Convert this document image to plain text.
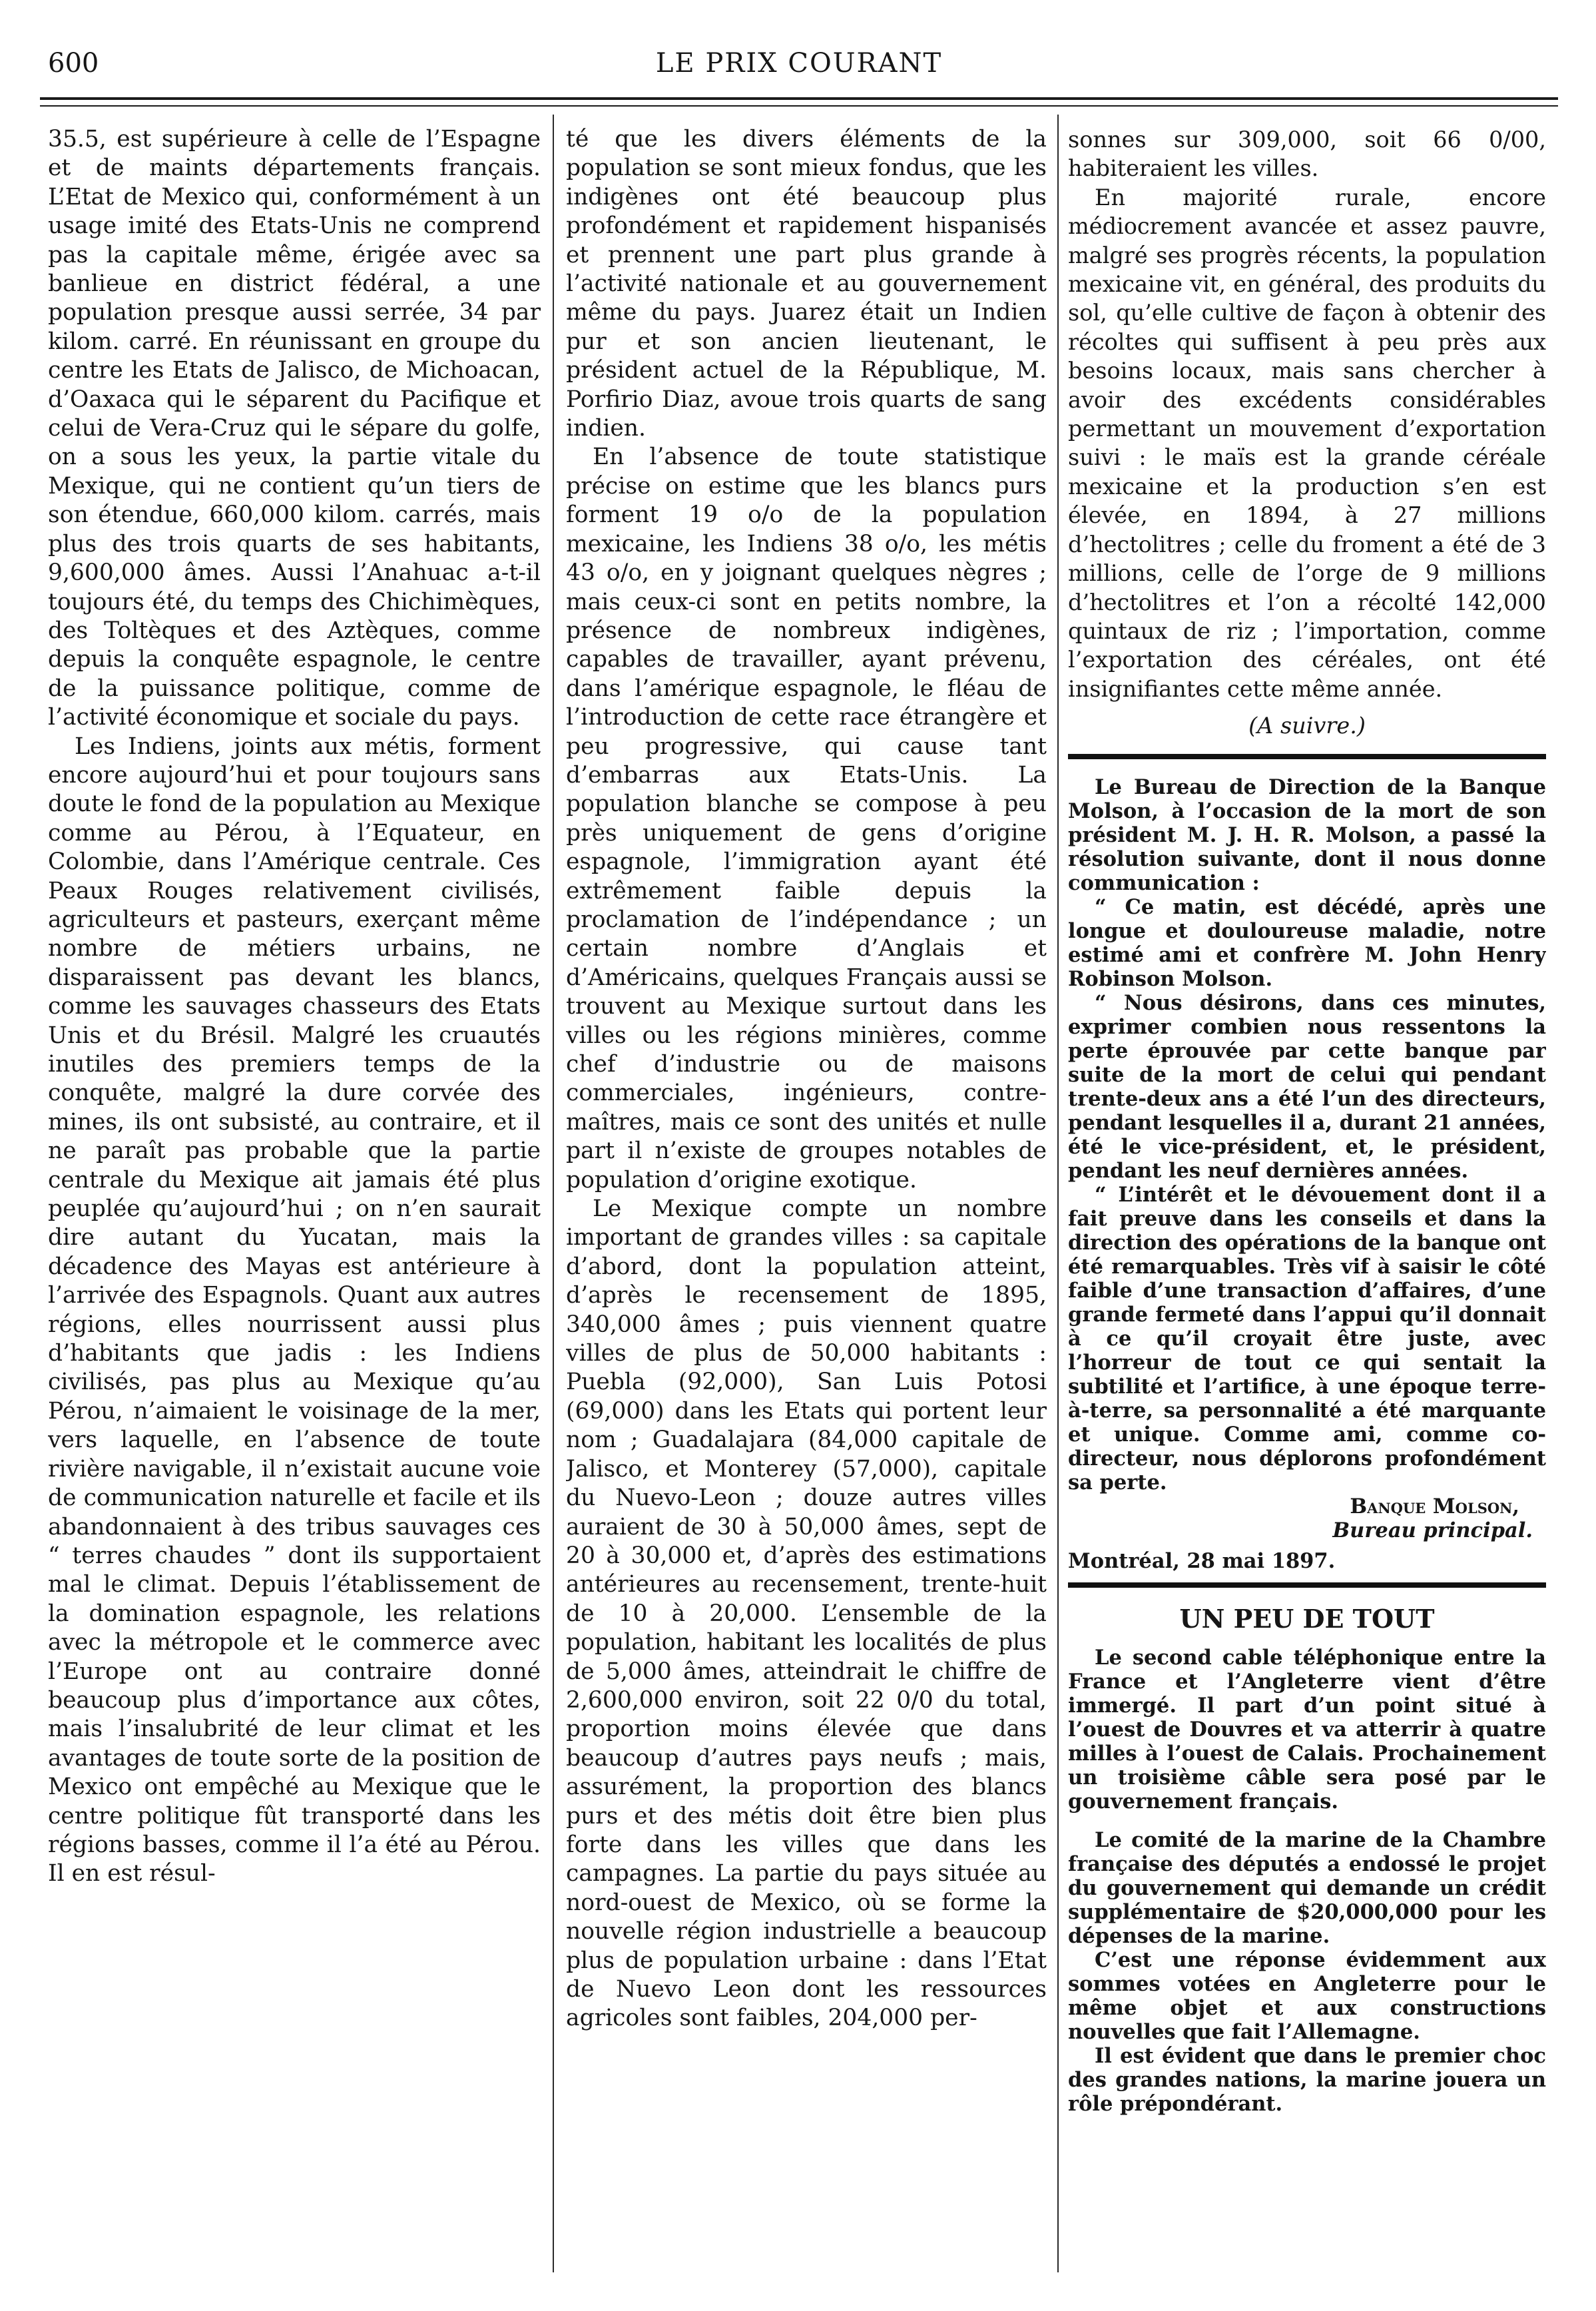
600	LE PRIX COURANT

35.5, est supérieure à celle de l’Espagne et de maints départements français. L’Etat de Mexico qui, conformément à un usage imité des Etats-Unis ne comprend pas la capitale même, érigée avec sa banlieue en district fédéral, a une population presque aussi serrée, 34 par kilom. carré. En réunissant en groupe du centre les Etats de Jalisco, de Michoacan, d’Oaxaca qui le séparent du Pacifique et celui de Vera-Cruz qui le sépare du golfe, on a sous les yeux, la partie vitale du Mexique, qui ne contient qu’un tiers de son étendue, 660,000 kilom. carrés, mais plus des trois quarts de ses habitants, 9,600,000 âmes. Aussi l’Anahuac a-t-il toujours été, du temps des Chichimèques, des Toltèques et des Aztèques, comme depuis la conquête espagnole, le centre de la puissance politique, comme de l’activité économique et sociale du pays.

Les Indiens, joints aux métis, forment encore aujourd’hui et pour toujours sans doute le fond de la population au Mexique comme au Pérou, à l’Equateur, en Colombie, dans l’Amérique centrale. Ces Peaux Rouges relativement civilisés, agriculteurs et pasteurs, exerçant même nombre de métiers urbains, ne disparaissent pas devant les blancs, comme les sauvages chasseurs des Etats Unis et du Brésil. Malgré les cruautés inutiles des premiers temps de la conquête, malgré la dure corvée des mines, ils ont subsisté, au contraire, et il ne paraît pas probable que la partie centrale du Mexique ait jamais été plus peuplée qu’aujourd’hui ; on n’en saurait dire autant du Yucatan, mais la décadence des Mayas est antérieure à l’arrivée des Espagnols. Quant aux autres régions, elles nourrissent aussi plus d’habitants que jadis : les Indiens civilisés, pas plus au Mexique qu’au Pérou, n’aimaient le voisinage de la mer, vers laquelle, en l’absence de toute rivière navigable, il n’existait aucune voie de communication naturelle et facile et ils abandonnaient à des tribus sauvages ces “ terres chaudes ” dont ils supportaient mal le climat. Depuis l’établissement de la domination espagnole, les relations avec la métropole et le commerce avec l’Europe ont au contraire donné beaucoup plus d’importance aux côtes, mais l’insalubrité de leur climat et les avantages de toute sorte de la position de Mexico ont empêché au Mexique que le centre politique fût transporté dans les régions basses, comme il l’a été au Pérou. Il en est résul-

té que les divers éléments de la population se sont mieux fondus, que les indigènes ont été beaucoup plus profondément et rapidement hispanisés et prennent une part plus grande à l’activité nationale et au gouvernement même du pays. Juarez était un Indien pur et son ancien lieutenant, le président actuel de la République, M. Porfirio Diaz, avoue trois quarts de sang indien.

En l’absence de toute statistique précise on estime que les blancs purs forment 19 o/o de la population mexicaine, les Indiens 38 o/o, les métis 43 o/o, en y joignant quelques nègres ; mais ceux-ci sont en petits nombre, la présence de nombreux indigènes, capables de travailler, ayant prévenu, dans l’amérique espagnole, le fléau de l’introduction de cette race étrangère et peu progressive, qui cause tant d’embarras aux Etats-Unis. La population blanche se compose à peu près uniquement de gens d’origine espagnole, l’immigration ayant été extrêmement faible depuis la proclamation de l’indépendance ; un certain nombre d’Anglais et d’Américains, quelques Français aussi se trouvent au Mexique surtout dans les villes ou les régions minières, comme chef d’industrie ou de maisons commerciales, ingénieurs, contre-maîtres, mais ce sont des unités et nulle part il n’existe de groupes notables de population d’origine exotique.

Le Mexique compte un nombre important de grandes villes : sa capitale d’abord, dont la population atteint, d’après le recensement de 1895, 340,000 âmes ; puis viennent quatre villes de plus de 50,000 habitants : Puebla (92,000), San Luis Potosi (69,000) dans les Etats qui portent leur nom ; Guadalajara (84,000 capitale de Jalisco, et Monterey (57,000), capitale du Nuevo-Leon ; douze autres villes auraient de 30 à 50,000 âmes, sept de 20 à 30,000 et, d’après des estimations antérieures au recensement, trente-huit de 10 à 20,000. L’ensemble de la population, habitant les localités de plus de 5,000 âmes, atteindrait le chiffre de 2,600,000 environ, soit 22 0/0 du total, proportion moins élevée que dans beaucoup d’autres pays neufs ; mais, assurément, la proportion des blancs purs et des métis doit être bien plus forte dans les villes que dans les campagnes. La partie du pays située au nord-ouest de Mexico, où se forme la nouvelle région industrielle a beaucoup plus de population urbaine : dans l’Etat de Nuevo Leon dont les ressources agricoles sont faibles, 204,000 per-

sonnes sur 309,000, soit 66 0/00, habiteraient les villes.

En majorité rurale, encore médiocrement avancée et assez pauvre, malgré ses progrès récents, la population mexicaine vit, en général, des produits du sol, qu’elle cultive de façon à obtenir des récoltes qui suffisent à peu près aux besoins locaux, mais sans chercher à avoir des excédents considérables permettant un mouvement d’exportation suivi : le maïs est la grande céréale mexicaine et la production s’en est élevée, en 1894, à 27 millions d’hectolitres ; celle du froment a été de 3 millions, celle de l’orge de 9 millions d’hectolitres et l’on a récolté 142,000 quintaux de riz ; l’importation, comme l’exportation des céréales, ont été insignifiantes cette même année.

(A suivre.)

Le Bureau de Direction de la Banque Molson, à l’occasion de la mort de son président M. J. H. R. Molson, a passé la résolution suivante, dont il nous donne communication :

“ Ce matin, est décédé, après une longue et douloureuse maladie, notre estimé ami et confrère M. John Henry Robinson Molson.

“ Nous désirons, dans ces minutes, exprimer combien nous ressentons la perte éprouvée par cette banque par suite de la mort de celui qui pendant trente-deux ans a été l’un des directeurs, pendant lesquelles il a, durant 21 années, été le vice-président, et, le président, pendant les neuf dernières années.

“ L’intérêt et le dévouement dont il a fait preuve dans les conseils et dans la direction des opérations de la banque ont été remarquables. Très vif à saisir le côté faible d’une transaction d’affaires, d’une grande fermeté dans l’appui qu’il donnait à ce qu’il croyait être juste, avec l’horreur de tout ce qui sentait la subtilité et l’artifice, à une époque terre-à-terre, sa personnalité a été marquante et unique. Comme ami, comme co-directeur, nous déplorons profondément sa perte.

Banque Molson,

Bureau principal.

Montréal, 28 mai 1897.

UN PEU DE TOUT

Le second cable téléphonique entre la France et l’Angleterre vient d’être immergé. Il part d’un point situé à l’ouest de Douvres et va atterrir à quatre milles à l’ouest de Calais. Prochainement un troisième câble sera posé par le gouvernement français.

Le comité de la marine de la Chambre française des députés a endossé le projet du gouvernement qui demande un crédit supplémentaire de $20,000,000 pour les dépenses de la marine.

C’est une réponse évidemment aux sommes votées en Angleterre pour le même objet et aux constructions nouvelles que fait l’Allemagne.

Il est évident que dans le premier choc des grandes nations, la marine jouera un rôle prépondérant.
